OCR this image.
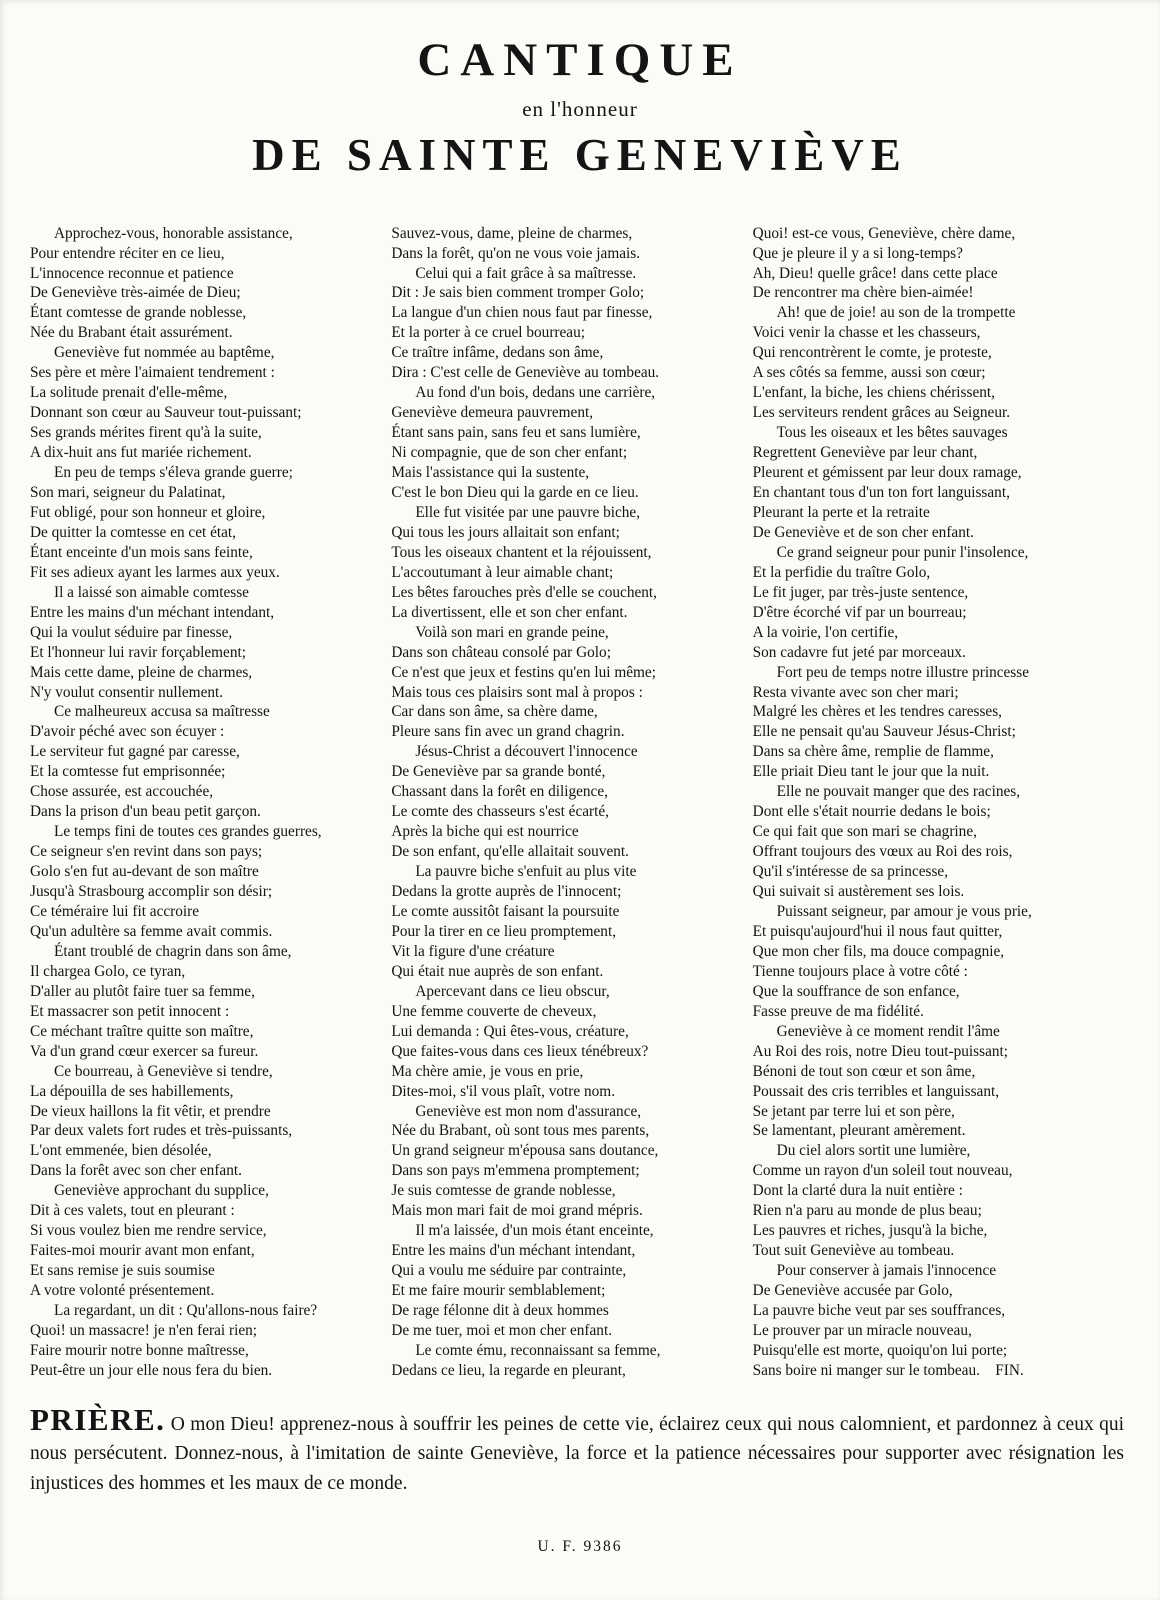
CANTIQUE
en l'honneur
DE SAINTE GENEVIÈVE
Approchez-vous, honorable assistance,
Pour entendre réciter en ce lieu,
L'innocence reconnue et patience
De Geneviève très-aimée de Dieu;
Étant comtesse de grande noblesse,
Née du Brabant était assurément.
Geneviève fut nommée au baptême,
Ses père et mère l'aimaient tendrement :
La solitude prenait d'elle-même,
Donnant son cœur au Sauveur tout-puissant;
Ses grands mérites firent qu'à la suite,
A dix-huit ans fut mariée richement.
En peu de temps s'éleva grande guerre;
Son mari, seigneur du Palatinat,
Fut obligé, pour son honneur et gloire,
De quitter la comtesse en cet état,
Étant enceinte d'un mois sans feinte,
Fit ses adieux ayant les larmes aux yeux.
Il a laissé son aimable comtesse
Entre les mains d'un méchant intendant,
Qui la voulut séduire par finesse,
Et l'honneur lui ravir forçablement;
Mais cette dame, pleine de charmes,
N'y voulut consentir nullement.
Ce malheureux accusa sa maîtresse
D'avoir péché avec son écuyer :
Le serviteur fut gagné par caresse,
Et la comtesse fut emprisonnée;
Chose assurée, est accouchée,
Dans la prison d'un beau petit garçon.
Le temps fini de toutes ces grandes guerres,
Ce seigneur s'en revint dans son pays;
Golo s'en fut au-devant de son maître
Jusqu'à Strasbourg accomplir son désir;
Ce téméraire lui fit accroire
Qu'un adultère sa femme avait commis.
Étant troublé de chagrin dans son âme,
Il chargea Golo, ce tyran,
D'aller au plutôt faire tuer sa femme,
Et massacrer son petit innocent :
Ce méchant traître quitte son maître,
Va d'un grand cœur exercer sa fureur.
Ce bourreau, à Geneviève si tendre,
La dépouilla de ses habillements,
De vieux haillons la fit vêtir, et prendre
Par deux valets fort rudes et très-puissants,
L'ont emmenée, bien désolée,
Dans la forêt avec son cher enfant.
Geneviève approchant du supplice,
Dit à ces valets, tout en pleurant :
Si vous voulez bien me rendre service,
Faites-moi mourir avant mon enfant,
Et sans remise je suis soumise
A votre volonté présentement.
La regardant, un dit : Qu'allons-nous faire?
Quoi! un massacre! je n'en ferai rien;
Faire mourir notre bonne maîtresse,
Peut-être un jour elle nous fera du bien.
Sauvez-vous, dame, pleine de charmes,
Dans la forêt, qu'on ne vous voie jamais.
Celui qui a fait grâce à sa maîtresse.
Dit : Je sais bien comment tromper Golo;
La langue d'un chien nous faut par finesse,
Et la porter à ce cruel bourreau;
Ce traître infâme, dedans son âme,
Dira : C'est celle de Geneviève au tombeau.
Au fond d'un bois, dedans une carrière,
Geneviève demeura pauvrement,
Étant sans pain, sans feu et sans lumière,
Ni compagnie, que de son cher enfant;
Mais l'assistance qui la sustente,
C'est le bon Dieu qui la garde en ce lieu.
Elle fut visitée par une pauvre biche,
Qui tous les jours allaitait son enfant;
Tous les oiseaux chantent et la réjouissent,
L'accoutumant à leur aimable chant;
Les bêtes farouches près d'elle se couchent,
La divertissent, elle et son cher enfant.
Voilà son mari en grande peine,
Dans son château consolé par Golo;
Ce n'est que jeux et festins qu'en lui même;
Mais tous ces plaisirs sont mal à propos :
Car dans son âme, sa chère dame,
Pleure sans fin avec un grand chagrin.
Jésus-Christ a découvert l'innocence
De Geneviève par sa grande bonté,
Chassant dans la forêt en diligence,
Le comte des chasseurs s'est écarté,
Après la biche qui est nourrice
De son enfant, qu'elle allaitait souvent.
La pauvre biche s'enfuit au plus vite
Dedans la grotte auprès de l'innocent;
Le comte aussitôt faisant la poursuite
Pour la tirer en ce lieu promptement,
Vit la figure d'une créature
Qui était nue auprès de son enfant.
Apercevant dans ce lieu obscur,
Une femme couverte de cheveux,
Lui demanda : Qui êtes-vous, créature,
Que faites-vous dans ces lieux ténébreux?
Ma chère amie, je vous en prie,
Dites-moi, s'il vous plaît, votre nom.
Geneviève est mon nom d'assurance,
Née du Brabant, où sont tous mes parents,
Un grand seigneur m'épousa sans doutance,
Dans son pays m'emmena promptement;
Je suis comtesse de grande noblesse,
Mais mon mari fait de moi grand mépris.
Il m'a laissée, d'un mois étant enceinte,
Entre les mains d'un méchant intendant,
Qui a voulu me séduire par contrainte,
Et me faire mourir semblablement;
De rage félonne dit à deux hommes
De me tuer, moi et mon cher enfant.
Le comte ému, reconnaissant sa femme,
Dedans ce lieu, la regarde en pleurant,
Quoi! est-ce vous, Geneviève, chère dame,
Que je pleure il y a si long-temps?
Ah, Dieu! quelle grâce! dans cette place
De rencontrer ma chère bien-aimée!
Ah! que de joie! au son de la trompette
Voici venir la chasse et les chasseurs,
Qui rencontrèrent le comte, je proteste,
A ses côtés sa femme, aussi son cœur;
L'enfant, la biche, les chiens chérissent,
Les serviteurs rendent grâces au Seigneur.
Tous les oiseaux et les bêtes sauvages
Regrettent Geneviève par leur chant,
Pleurent et gémissent par leur doux ramage,
En chantant tous d'un ton fort languissant,
Pleurant la perte et la retraite
De Geneviève et de son cher enfant.
Ce grand seigneur pour punir l'insolence,
Et la perfidie du traître Golo,
Le fit juger, par très-juste sentence,
D'être écorché vif par un bourreau;
A la voirie, l'on certifie,
Son cadavre fut jeté par morceaux.
Fort peu de temps notre illustre princesse
Resta vivante avec son cher mari;
Malgré les chères et les tendres caresses,
Elle ne pensait qu'au Sauveur Jésus-Christ;
Dans sa chère âme, remplie de flamme,
Elle priait Dieu tant le jour que la nuit.
Elle ne pouvait manger que des racines,
Dont elle s'était nourrie dedans le bois;
Ce qui fait que son mari se chagrine,
Offrant toujours des vœux au Roi des rois,
Qu'il s'intéresse de sa princesse,
Qui suivait si austèrement ses lois.
Puissant seigneur, par amour je vous prie,
Et puisqu'aujourd'hui il nous faut quitter,
Que mon cher fils, ma douce compagnie,
Tienne toujours place à votre côté :
Que la souffrance de son enfance,
Fasse preuve de ma fidélité.
Geneviève à ce moment rendit l'âme
Au Roi des rois, notre Dieu tout-puissant;
Bénoni de tout son cœur et son âme,
Poussait des cris terribles et languissant,
Se jetant par terre lui et son père,
Se lamentant, pleurant amèrement.
Du ciel alors sortit une lumière,
Comme un rayon d'un soleil tout nouveau,
Dont la clarté dura la nuit entière :
Rien n'a paru au monde de plus beau;
Les pauvres et riches, jusqu'à la biche,
Tout suit Geneviève au tombeau.
Pour conserver à jamais l'innocence
De Geneviève accusée par Golo,
La pauvre biche veut par ses souffrances,
Le prouver par un miracle nouveau,
Puisqu'elle est morte, quoiqu'on lui porte;
Sans boire ni manger sur le tombeau. FIN.
PRIÈRE. O mon Dieu! apprenez-nous à souffrir les peines de cette vie, éclairez ceux qui nous calomnient, et pardonnez à ceux qui nous persécutent. Donnez-nous, à l'imitation de sainte Geneviève, la force et la patience nécessaires pour supporter avec résignation les injustices des hommes et les maux de ce monde.
U. F. 9386
